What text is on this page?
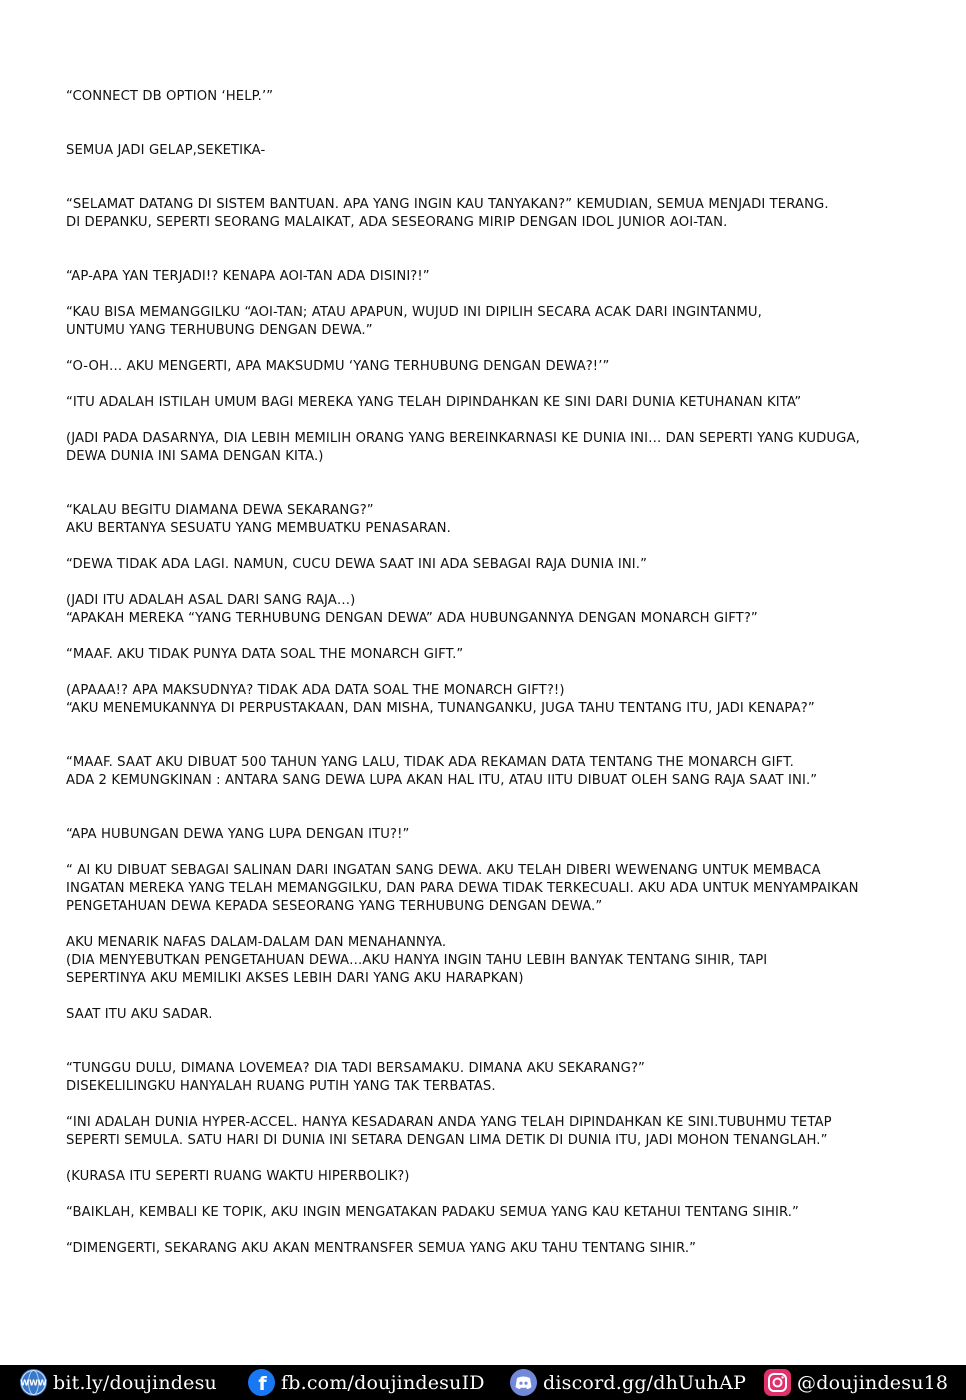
“CONNECT DB OPTION ‘HELP.’”
SEMUA JADI GELAP,SEKETIKA-
“SELAMAT DATANG DI SISTEM BANTUAN. APA YANG INGIN KAU TANYAKAN?” KEMUDIAN, SEMUA MENJADI TERANG.
DI DEPANKU, SEPERTI SEORANG MALAIKAT, ADA SESEORANG MIRIP DENGAN IDOL JUNIOR AOI-TAN.
“AP-APA YAN TERJADI!? KENAPA AOI-TAN ADA DISINI?!”
“KAU BISA MEMANGGILKU “AOI-TAN; ATAU APAPUN, WUJUD INI DIPILIH SECARA ACAK DARI INGINTANMU,
UNTUMU YANG TERHUBUNG DENGAN DEWA.”
“O-OH… AKU MENGERTI, APA MAKSUDMU ‘YANG TERHUBUNG DENGAN DEWA?!’”
“ITU ADALAH ISTILAH UMUM BAGI MEREKA YANG TELAH DIPINDAHKAN KE SINI DARI DUNIA KETUHANAN KITA”
(JADI PADA DASARNYA, DIA LEBIH MEMILIH ORANG YANG BEREINKARNASI KE DUNIA INI… DAN SEPERTI YANG KUDUGA,
DEWA DUNIA INI SAMA DENGAN KITA.)
“KALAU BEGITU DIAMANA DEWA SEKARANG?”
AKU BERTANYA SESUATU YANG MEMBUATKU PENASARAN.
“DEWA TIDAK ADA LAGI. NAMUN, CUCU DEWA SAAT INI ADA SEBAGAI RAJA DUNIA INI.”
(JADI ITU ADALAH ASAL DARI SANG RAJA…)
“APAKAH MEREKA “YANG TERHUBUNG DENGAN DEWA” ADA HUBUNGANNYA DENGAN MONARCH GIFT?”
“MAAF. AKU TIDAK PUNYA DATA SOAL THE MONARCH GIFT.”
(APAAA!? APA MAKSUDNYA? TIDAK ADA DATA SOAL THE MONARCH GIFT?!)
“AKU MENEMUKANNYA DI PERPUSTAKAAN, DAN MISHA, TUNANGANKU, JUGA TAHU TENTANG ITU, JADI KENAPA?”
“MAAF. SAAT AKU DIBUAT 500 TAHUN YANG LALU, TIDAK ADA REKAMAN DATA TENTANG THE MONARCH GIFT.
ADA 2 KEMUNGKINAN : ANTARA SANG DEWA LUPA AKAN HAL ITU, ATAU IITU DIBUAT OLEH SANG RAJA SAAT INI.”
“APA HUBUNGAN DEWA YANG LUPA DENGAN ITU?!”
“ AI KU DIBUAT SEBAGAI SALINAN DARI INGATAN SANG DEWA. AKU TELAH DIBERI WEWENANG UNTUK MEMBACA
INGATAN MEREKA YANG TELAH MEMANGGILKU, DAN PARA DEWA TIDAK TERKECUALI. AKU ADA UNTUK MENYAMPAIKAN
PENGETAHUAN DEWA KEPADA SESEORANG YANG TERHUBUNG DENGAN DEWA.”
AKU MENARIK NAFAS DALAM-DALAM DAN MENAHANNYA.
(DIA MENYEBUTKAN PENGETAHUAN DEWA…AKU HANYA INGIN TAHU LEBIH BANYAK TENTANG SIHIR, TAPI
SEPERTINYA AKU MEMILIKI AKSES LEBIH DARI YANG AKU HARAPKAN)
SAAT ITU AKU SADAR.
“TUNGGU DULU, DIMANA LOVEMEA? DIA TADI BERSAMAKU. DIMANA AKU SEKARANG?”
DISEKELILINGKU HANYALAH RUANG PUTIH YANG TAK TERBATAS.
“INI ADALAH DUNIA HYPER-ACCEL. HANYA KESADARAN ANDA YANG TELAH DIPINDAHKAN KE SINI.TUBUHMU TETAP
SEPERTI SEMULA. SATU HARI DI DUNIA INI SETARA DENGAN LIMA DETIK DI DUNIA ITU, JADI MOHON TENANGLAH.”
(KURASA ITU SEPERTI RUANG WAKTU HIPERBOLIK?)
“BAIKLAH, KEMBALI KE TOPIK, AKU INGIN MENGATAKAN PADAKU SEMUA YANG KAU KETAHUI TENTANG SIHIR.”
“DIMENGERTI, SEKARANG AKU AKAN MENTRANSFER SEMUA YANG AKU TAHU TENTANG SIHIR.”
WWW bit.ly/doujindesu f fb.com/doujindesuID	discord.gg/dhUuhAP	@doujindesu18
